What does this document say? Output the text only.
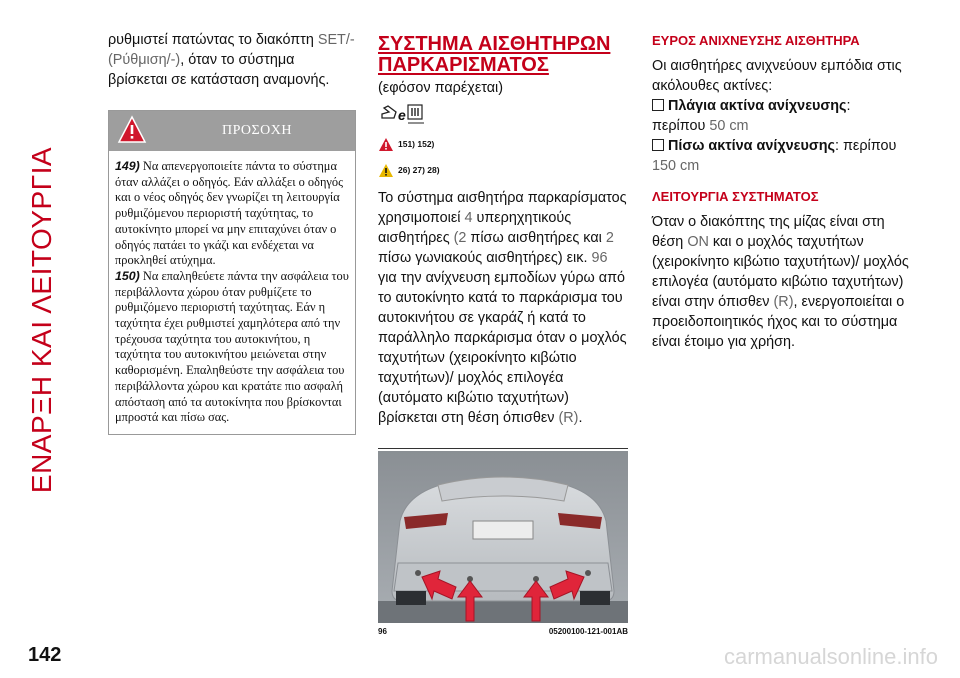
ΕΝΑΡΞΗ ΚΑΙ ΛΕΙΤΟΥΡΓΙΑ

ρυθμιστεί πατώντας το διακόπτη SET/- (Ρύθμιση/-), όταν το σύστημα βρίσκεται σε κατάσταση αναμονής.

ΠΡΟΣΟΧΗ
149) Να απενεργοποιείτε πάντα το σύστημα όταν αλλάζει ο οδηγός. Εάν αλλάξει ο οδηγός και ο νέος οδηγός δεν γνωρίζει τη λειτουργία ρυθμιζόμενου περιοριστή ταχύτητας, το αυτοκίνητο μπορεί να μην επιταχύνει όταν ο οδηγός πατάει το γκάζι και ενδέχεται να προκληθεί ατύχημα.
150) Να επαληθεύετε πάντα την ασφάλεια του περιβάλλοντα χώρου όταν ρυθμίζετε το ρυθμιζόμενο περιοριστή ταχύτητας. Εάν η ταχύτητα έχει ρυθμιστεί χαμηλότερα από την τρέχουσα ταχύτητα του αυτοκινήτου, η ταχύτητα του αυτοκινήτου μειώνεται στην καθορισμένη. Επαληθεύστε την ασφάλεια του περιβάλλοντα χώρου και κρατάτε πιο ασφαλή απόσταση από τα αυτοκίνητα που βρίσκονται μπροστά και πίσω σας.
ΣΥΣΤΗΜΑ ΑΙΣΘΗΤΗΡΩΝ
ΠΑΡΚΑΡΙΣΜΑΤΟΣ

(εφόσον παρέχεται)

e
151) 152)
26) 27) 28)

Το σύστημα αισθητήρα παρκαρίσματος χρησιμοποιεί 4 υπερηχητικούς αισθητήρες (2 πίσω αισθητήρες και 2 πίσω γωνιακούς αισθητήρες) εικ. 96 για την ανίχνευση εμποδίων γύρω από το αυτοκίνητο κατά το παρκάρισμα του αυτοκινήτου σε γκαράζ ή κατά το παράλληλο παρκάρισμα όταν ο μοχλός ταχυτήτων (χειροκίνητο κιβώτιο ταχυτήτων)/ μοχλός επιλογέα (αυτόματο κιβώτιο ταχυτήτων) βρίσκεται στη θέση όπισθεν (R).

96	05200100-121-001AB
ΕΥΡΟΣ ΑΝΙΧΝΕΥΣΗΣ ΑΙΣΘΗΤΗΡΑ

Οι αισθητήρες ανιχνεύουν εμπόδια στις ακόλουθες ακτίνες:

Πλάγια ακτίνα ανίχνευσης:

περίπου 50 cm

Πίσω ακτίνα ανίχνευσης: περίπου

150 cm

ΛΕΙΤΟΥΡΓΙΑ ΣΥΣΤΗΜΑΤΟΣ

Όταν ο διακόπτης της μίζας είναι στη θέση ON και ο μοχλός ταχυτήτων (χειροκίνητο κιβώτιο ταχυτήτων)/ μοχλός επιλογέα (αυτόματο κιβώτιο ταχυτήτων) είναι στην όπισθεν (R), ενεργοποιείται ο προειδοποιητικός ήχος και το σύστημα είναι έτοιμο για χρήση.

142	carmanualsonline.info
